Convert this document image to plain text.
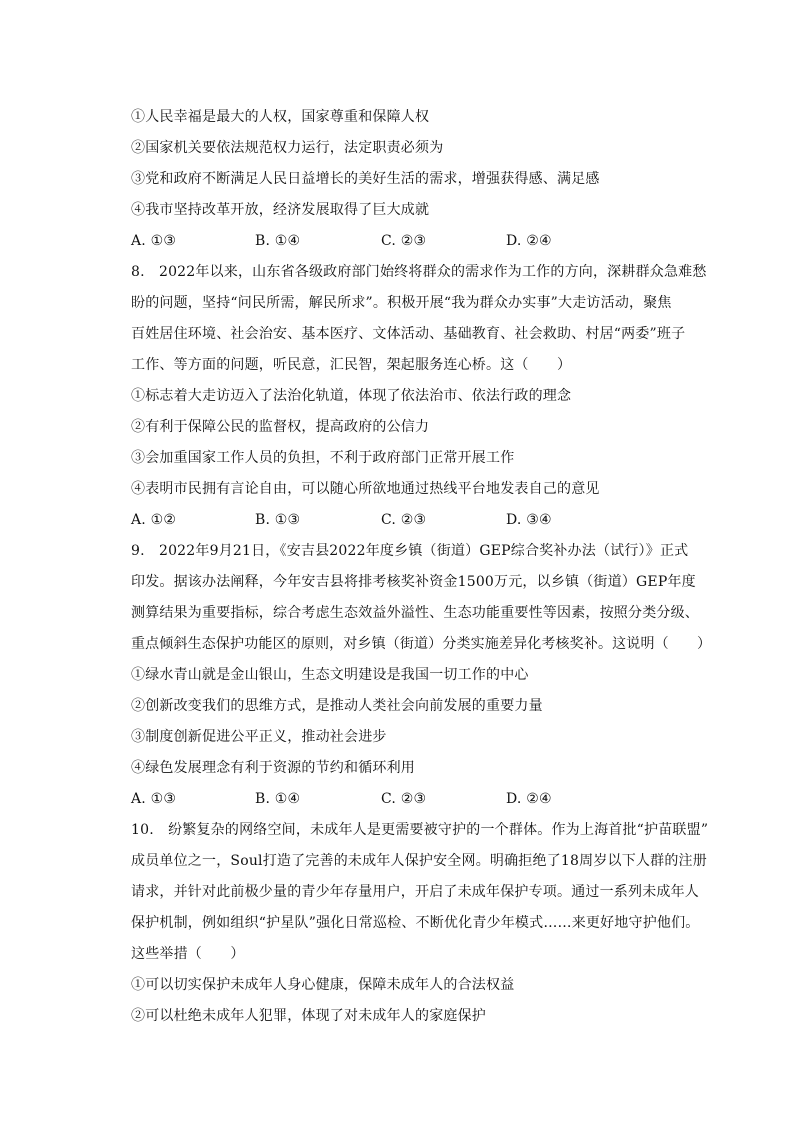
①人民幸福是最大的人权，国家尊重和保障人权
②国家机关要依法规范权力运行，法定职责必须为
③党和政府不断满足人民日益增长的美好生活的需求，增强获得感、满足感
④我市坚持改革开放，经济发展取得了巨大成就
A. ①③	B. ①④	C. ②③	D. ②④
8.　2022年以来，山东省各级政府部门始终将群众的需求作为工作的方向，深耕群众急难愁
盼的问题，坚持“问民所需，解民所求”。积极开展“我为群众办实事”大走访活动，聚焦
百姓居住环境、社会治安、基本医疗、文体活动、基础教育、社会救助、村居“两委”班子
工作、等方面的问题，听民意，汇民智，架起服务连心桥。这（　　）
①标志着大走访迈入了法治化轨道，体现了依法治市、依法行政的理念
②有利于保障公民的监督权，提高政府的公信力
③会加重国家工作人员的负担，不利于政府部门正常开展工作
④表明市民拥有言论自由，可以随心所欲地通过热线平台地发表自己的意见
A. ①②	B. ①③	C. ②③	D. ③④
9.　2022年9月21日，《安吉县2022年度乡镇（街道）GEP综合奖补办法（试行）》正式
印发。据该办法阐释，今年安吉县将排考核奖补资金1500万元，以乡镇（街道）GEP年度
测算结果为重要指标，综合考虑生态效益外溢性、生态功能重要性等因素，按照分类分级、
重点倾斜生态保护功能区的原则，对乡镇（街道）分类实施差异化考核奖补。这说明（　　）
①绿水青山就是金山银山，生态文明建设是我国一切工作的中心
②创新改变我们的思维方式，是推动人类社会向前发展的重要力量
③制度创新促进公平正义，推动社会进步
④绿色发展理念有利于资源的节约和循环利用
A. ①③	B. ①④	C. ②③	D. ②④
10.　纷繁复杂的网络空间，未成年人是更需要被守护的一个群体。作为上海首批“护苗联盟”
成员单位之一，Soul打造了完善的未成年人保护安全网。明确拒绝了18周岁以下人群的注册
请求，并针对此前极少量的青少年存量用户，开启了未成年保护专项。通过一系列未成年人
保护机制，例如组织“护星队”强化日常巡检、不断优化青少年模式……来更好地守护他们。
这些举措（　　）
①可以切实保护未成年人身心健康，保障未成年人的合法权益
②可以杜绝未成年人犯罪，体现了对未成年人的家庭保护
